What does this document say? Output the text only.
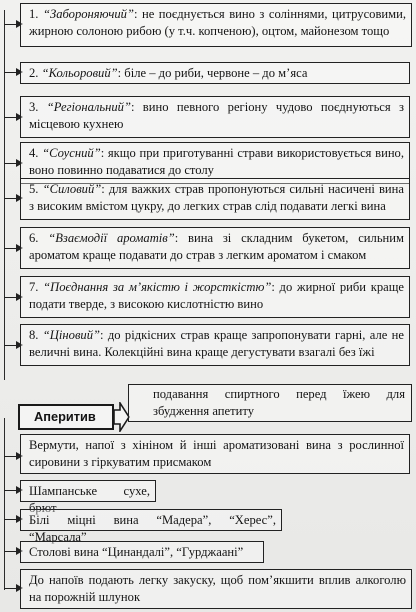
1. “Забороняючий”: не поєднується вино з соліннями, цитрусовими, жирною солоною рибою (у т.ч. копченою), оцтом, майонезом тощо
2. “Кольоровий”: біле – до риби, червоне – до м’яса
3. “Регіональний”: вино певного регіону чудово поєднуються з місцевою кухнею
4. “Соусний”: якщо при приготуванні страви використовується вино, воно повинно подаватися до столу
5. “Силовий”: для важких страв пропонуються сильні насичені вина з високим вмістом цукру, до легких страв слід подавати легкі вина
6. “Взаємодії ароматів”: вина зі складним букетом, сильним ароматом краще подавати до страв з легким ароматом і смаком
7. “Поєднання за м’якістю і жорсткістю”: до жирної риби краще подати тверде, з високою кислотністю вино
8. “Ціновий”: до рідкісних страв краще запропонувати гарні, але не величні вина. Колекційні вина краще дегустувати взагалі без їжі
Аперитив
подавання спиртного перед їжею для збудження апетиту
Вермути, напої з хініном й інші ароматизовані вина з рослинної сировини з гіркуватим присмаком
Шампанське сухе, брют
Білі міцні вина “Мадера”, “Херес”, “Марсала”
Столові вина “Цинандалі”, “Гурджаані”
До напоїв подають легку закуску, щоб пом’якшити вплив алкоголю на порожній шлунок
